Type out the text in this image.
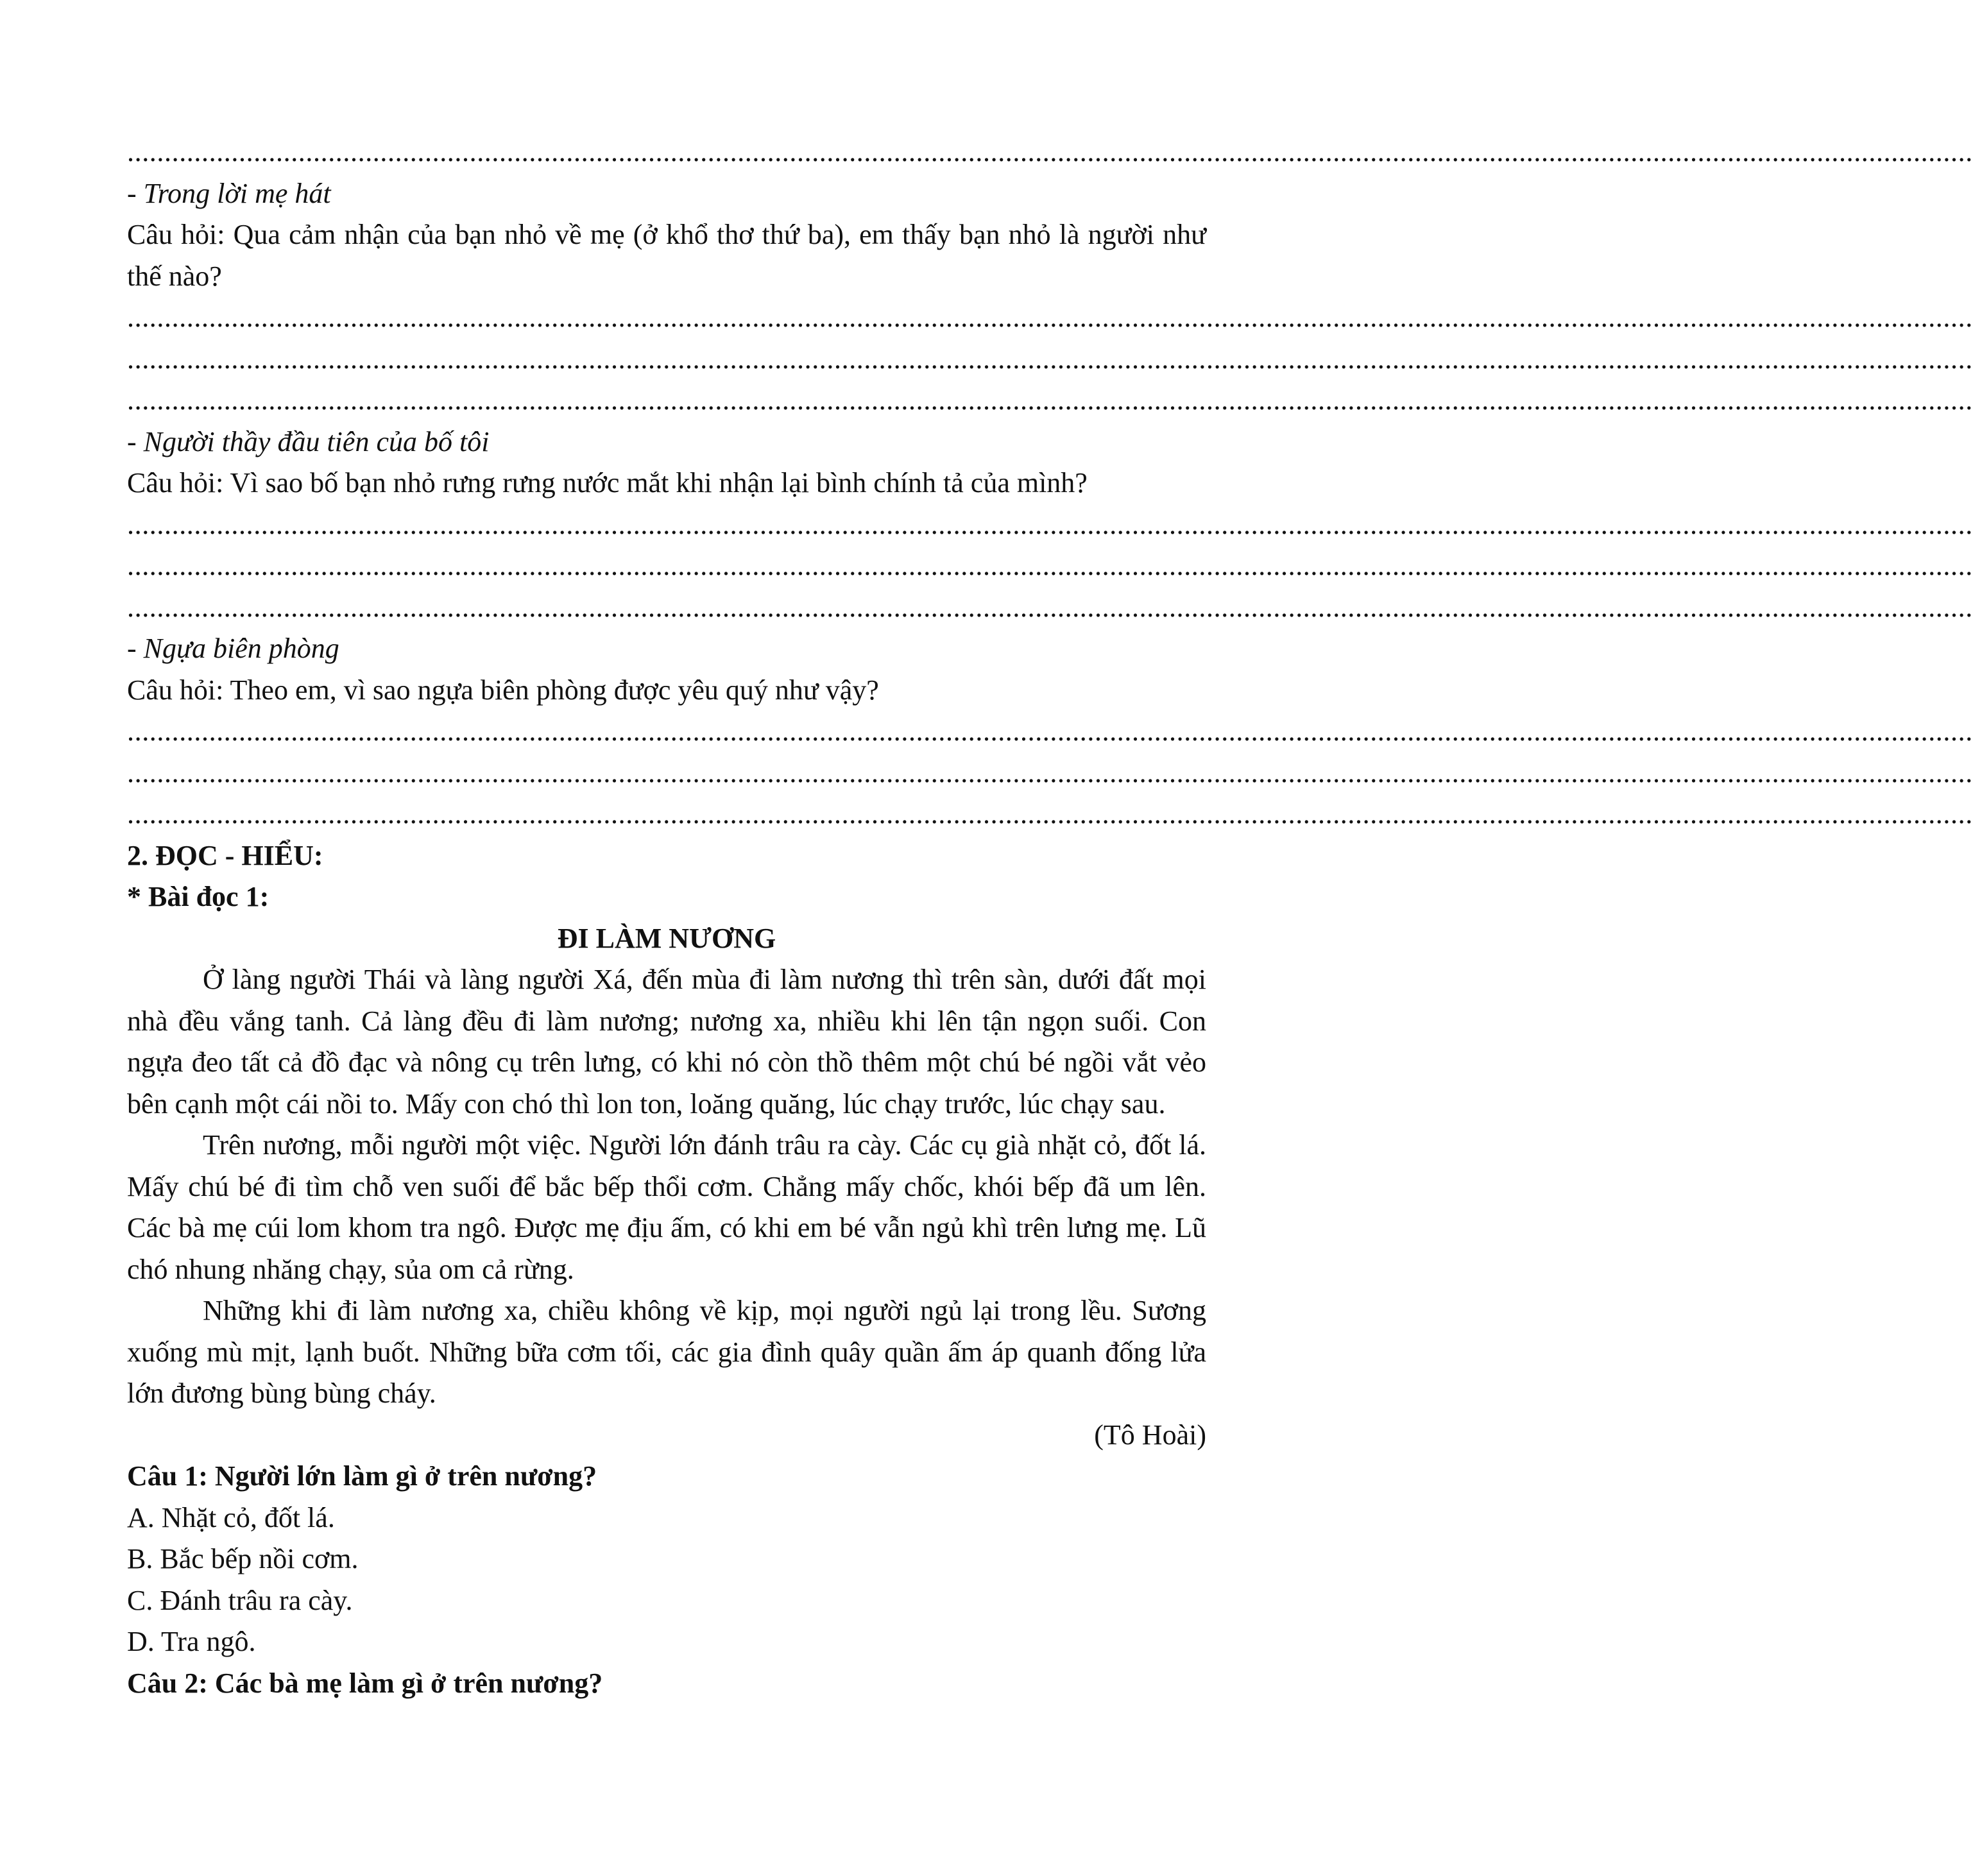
........................................................................................................................................................................................................................................................
- Trong lời mẹ hát

Câu hỏi: Qua cảm nhận của bạn nhỏ về mẹ (ở khổ thơ thứ ba), em thấy bạn nhỏ là người như thế nào?

........................................................................................................................................................................................................................................................
........................................................................................................................................................................................................................................................
........................................................................................................................................................................................................................................................
- Người thầy đầu tiên của bố tôi

Câu hỏi: Vì sao bố bạn nhỏ rưng rưng nước mắt khi nhận lại bình chính tả của mình?

........................................................................................................................................................................................................................................................
........................................................................................................................................................................................................................................................
........................................................................................................................................................................................................................................................
- Ngựa biên phòng

Câu hỏi: Theo em, vì sao ngựa biên phòng được yêu quý như vậy?

........................................................................................................................................................................................................................................................
........................................................................................................................................................................................................................................................
........................................................................................................................................................................................................................................................
2. ĐỌC - HIỂU:
* Bài đọc 1:
ĐI LÀM NƯƠNG

Ở làng người Thái và làng người Xá, đến mùa đi làm nương thì trên sàn, dưới đất mọi nhà đều vắng tanh. Cả làng đều đi làm nương; nương xa, nhiều khi lên tận ngọn suối. Con ngựa đeo tất cả đồ đạc và nông cụ trên lưng, có khi nó còn thồ thêm một chú bé ngồi vắt vẻo bên cạnh một cái nồi to. Mấy con chó thì lon ton, loăng quăng, lúc chạy trước, lúc chạy sau.

Trên nương, mỗi người một việc. Người lớn đánh trâu ra cày. Các cụ già nhặt cỏ, đốt lá. Mấy chú bé đi tìm chỗ ven suối để bắc bếp thổi cơm. Chẳng mấy chốc, khói bếp đã um lên. Các bà mẹ cúi lom khom tra ngô. Được mẹ địu ấm, có khi em bé vẫn ngủ khì trên lưng mẹ. Lũ chó nhung nhăng chạy, sủa om cả rừng.

Những khi đi làm nương xa, chiều không về kịp, mọi người ngủ lại trong lều. Sương xuống mù mịt, lạnh buốt. Những bữa cơm tối, các gia đình quây quần ấm áp quanh đống lửa lớn đương bùng bùng cháy.

(Tô Hoài)
Câu 1: Người lớn làm gì ở trên nương?
A. Nhặt cỏ, đốt lá.
B. Bắc bếp nồi cơm.
C. Đánh trâu ra cày.
D. Tra ngô.
Câu 2: Các bà mẹ làm gì ở trên nương?
